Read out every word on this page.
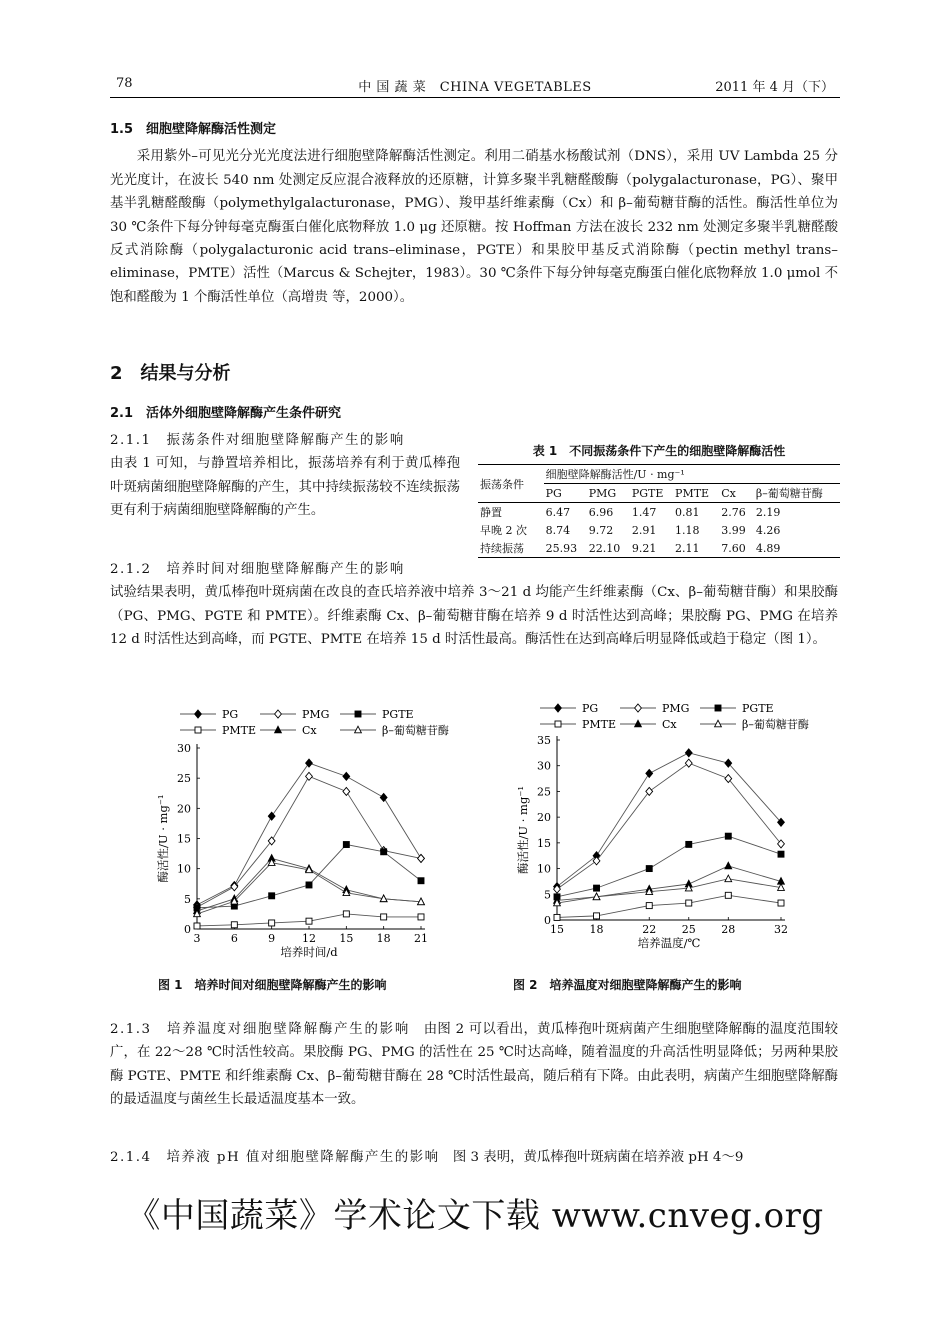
78	中 国 蔬 菜　CHINA VEGETABLES	2011 年 4 月（下）
1.5　细胞壁降解酶活性测定
采用紫外–可见光分光光度法进行细胞壁降解酶活性测定。利用二硝基水杨酸试剂（DNS），采用 UV Lambda 25 分光光度计，在波长 540 nm 处测定反应混合液释放的还原糖，计算多聚半乳糖醛酸酶（polygalacturonase，PG）、聚甲基半乳糖醛酸酶（polymethylgalacturonase，PMG）、羧甲基纤维素酶（Cx）和 β–葡萄糖苷酶的活性。酶活性单位为 30 ℃条件下每分钟每毫克酶蛋白催化底物释放 1.0 μg 还原糖。按 Hoffman 方法在波长 232 nm 处测定多聚半乳糖醛酸反式消除酶（polygalacturonic acid trans–eliminase，PGTE）和果胶甲基反式消除酶（pectin methyl trans–eliminase，PMTE）活性（Marcus & Schejter，1983）。30 ℃条件下每分钟每毫克酶蛋白催化底物释放 1.0 μmol 不饱和醛酸为 1 个酶活性单位（高增贵 等，2000）。
2　结果与分析
2.1　活体外细胞壁降解酶产生条件研究
2.1.1　振荡条件对细胞壁降解酶产生的影响
由表 1 可知，与静置培养相比，振荡培养有利于黄瓜棒孢叶斑病菌细胞壁降解酶的产生，其中持续振荡较不连续振荡更有利于病菌细胞壁降解酶的产生。
表 1　不同振荡条件下产生的细胞壁降解酶活性
振荡条件	细胞壁降解酶活性/U · mg⁻¹					
	PG	PMG	PGTE	PMTE	Cx	β–葡萄糖苷酶
静置	6.47	6.96	1.47	0.81	2.76	2.19
早晚 2 次	8.74	9.72	2.91	1.18	3.99	4.26
持续振荡	25.93	22.10	9.21	2.11	7.60	4.89
2.1.2　培养时间对细胞壁降解酶产生的影响
试验结果表明，黄瓜棒孢叶斑病菌在改良的查氏培养液中培养 3～21 d 均能产生纤维素酶（Cx、β–葡萄糖苷酶）和果胶酶（PG、PMG、PGTE 和 PMTE）。纤维素酶 Cx、β–葡萄糖苷酶在培养 9 d 时活性达到高峰；果胶酶 PG、PMG 在培养 12 d 时活性达到高峰，而 PGTE、PMTE 在培养 15 d 时活性最高。酶活性在达到高峰后明显降低或趋于稳定（图 1）。
3	6	9 12 15 18 21
0
5
10
15
20
25
30
培养时间/d
酶活性/U · mg⁻¹
PG	PMG	PGTE
PMTE	Cx	β–葡萄糖苷酶
15 18	22 25 28	32
0
5
10
15
20
25
30
35
培养温度/℃
酶活性/U · mg⁻¹
PG	PMG	PGTE
PMTE	Cx	β–葡萄糖苷酶
图 1　培养时间对细胞壁降解酶产生的影响	图 2　培养温度对细胞壁降解酶产生的影响
2.1.3　培养温度对细胞壁降解酶产生的影响　 由图 2 可以看出，黄瓜棒孢叶斑病菌产生细胞壁降解酶的温度范围较广，在 22～28 ℃时活性较高。果胶酶 PG、PMG 的活性在 25 ℃时达高峰，随着温度的升高活性明显降低；另两种果胶酶 PGTE、PMTE 和纤维素酶 Cx、β–葡萄糖苷酶在 28 ℃时活性最高，随后稍有下降。由此表明，病菌产生细胞壁降解酶的最适温度与菌丝生长最适温度基本一致。
2.1.4　培养液 pH 值对细胞壁降解酶产生的影响　 图 3 表明，黄瓜棒孢叶斑病菌在培养液 pH 4～9
《中国蔬菜》学术论文下载 www.cnveg.org
